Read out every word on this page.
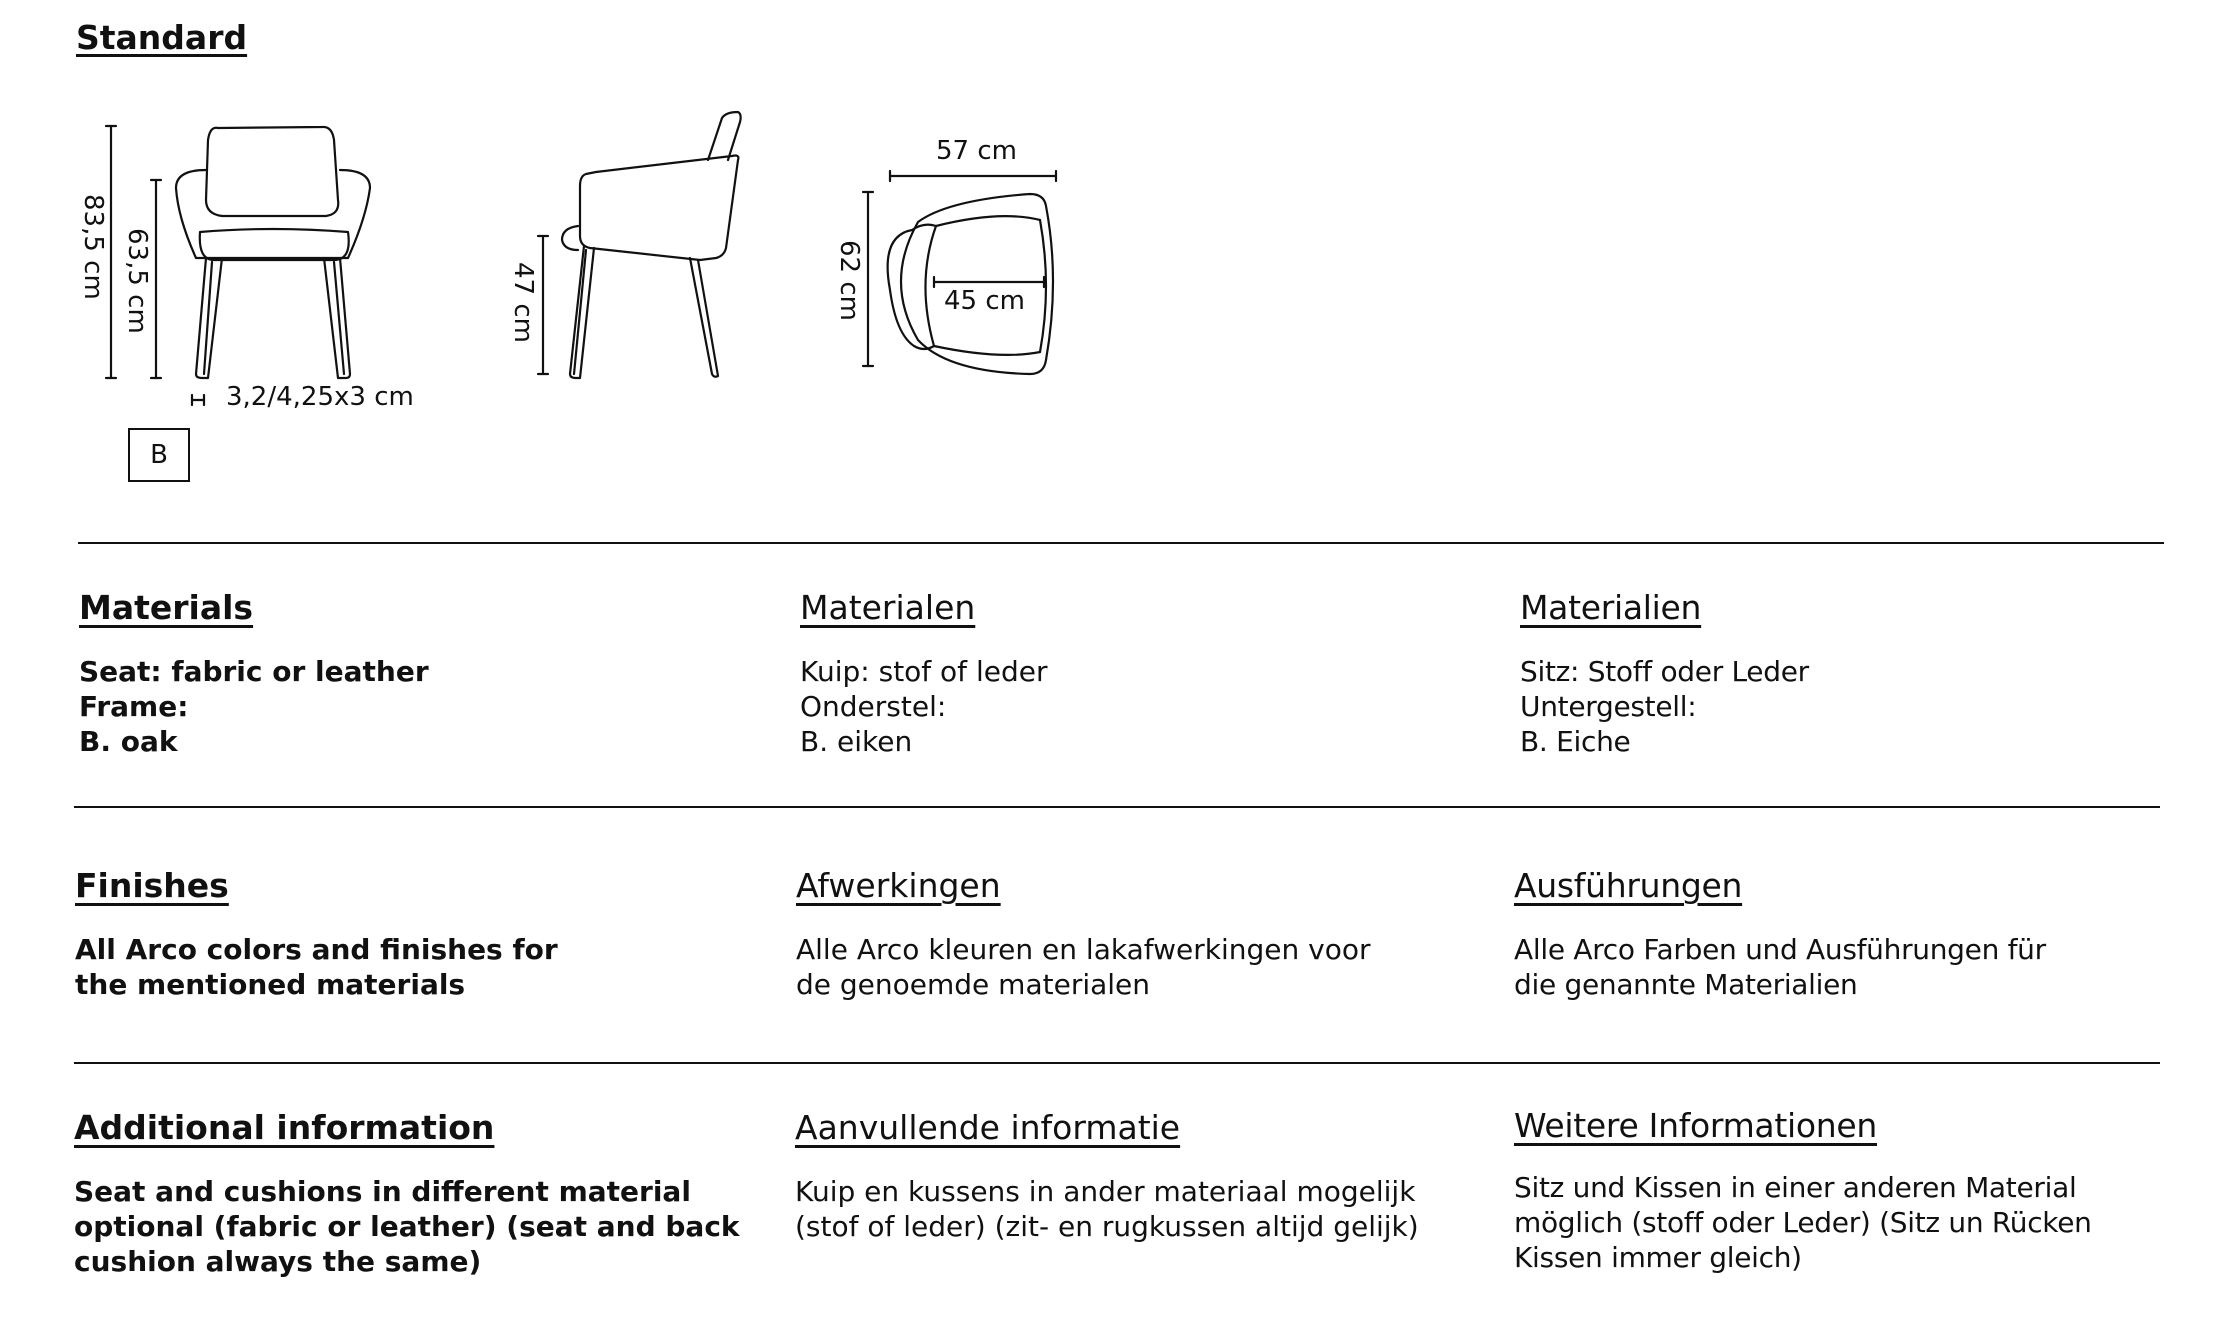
Standard
83,5 cm 63,5 cm
3,2/4,25x3 cm
47 cm
57 cm
62 cm	45 cm
B
Materials
Seat: fabric or leather
Frame:
B. oak
Materialen
Kuip: stof of leder
Onderstel:
B. eiken
Materialien
Sitz: Stoff oder Leder
Untergestell:
B. Eiche
Finishes
All Arco colors and finishes for
the mentioned materials
Afwerkingen
Alle Arco kleuren en lakafwerkingen voor
de genoemde materialen
Ausführungen
Alle Arco Farben und Ausführungen für
die genannte Materialien
Additional information
Seat and cushions in different material
optional (fabric or leather) (seat and back
cushion always the same)
Aanvullende informatie
Kuip en kussens in ander materiaal mogelijk
(stof of leder) (zit- en rugkussen altijd gelijk)
Weitere Informationen
Sitz und Kissen in einer anderen Material
möglich (stoff oder Leder) (Sitz un Rücken
Kissen immer gleich)
